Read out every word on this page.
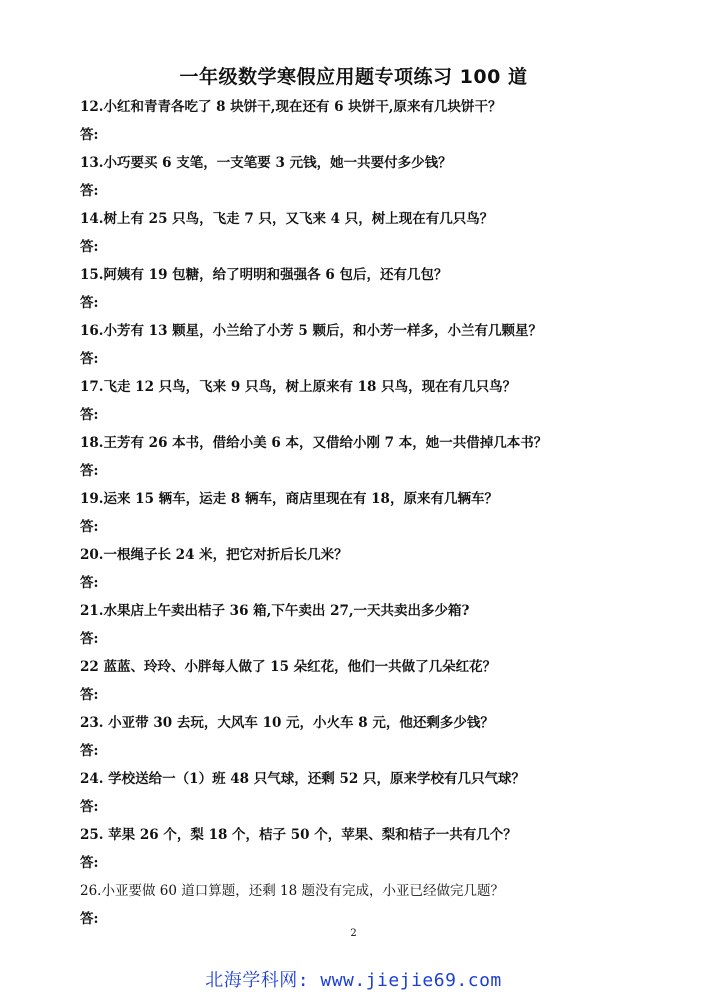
一年级数学寒假应用题专项练习 100 道
12.小红和青青各吃了 8 块饼干,现在还有 6 块饼干,原来有几块饼干？
答:
13.小巧要买 6 支笔，一支笔要 3 元钱，她一共要付多少钱？
答:
14.树上有 25 只鸟，飞走 7 只，又飞来 4 只，树上现在有几只鸟？
答:
15.阿姨有 19 包糖，给了明明和强强各 6 包后，还有几包？
答:
16.小芳有 13 颗星，小兰给了小芳 5 颗后，和小芳一样多，小兰有几颗星？
答:
17.飞走 12 只鸟，飞来 9 只鸟，树上原来有 18 只鸟，现在有几只鸟？
答:
18.王芳有 26 本书，借给小美 6 本，又借给小刚 7 本，她一共借掉几本书？
答:
19.运来 15 辆车，运走 8 辆车，商店里现在有 18，原来有几辆车？
答:
20.一根绳子长 24 米，把它对折后长几米？
答:
21.水果店上午卖出桔子 36 箱,下午卖出 27,一天共卖出多少箱?
答:
22 蓝蓝、玲玲、小胖每人做了 15 朵红花，他们一共做了几朵红花？
答:
23. 小亚带 30 去玩，大风车 10 元，小火车 8 元，他还剩多少钱？
答:
24. 学校送给一（1）班 48 只气球，还剩 52 只，原来学校有几只气球？
答:
25. 苹果 26 个，梨 18 个，桔子 50 个，苹果、梨和桔子一共有几个？
答:
26.小亚要做 60 道口算题，还剩 18 题没有完成，小亚已经做完几题？
答:
2
北海学科网: www.jiejie69.com
